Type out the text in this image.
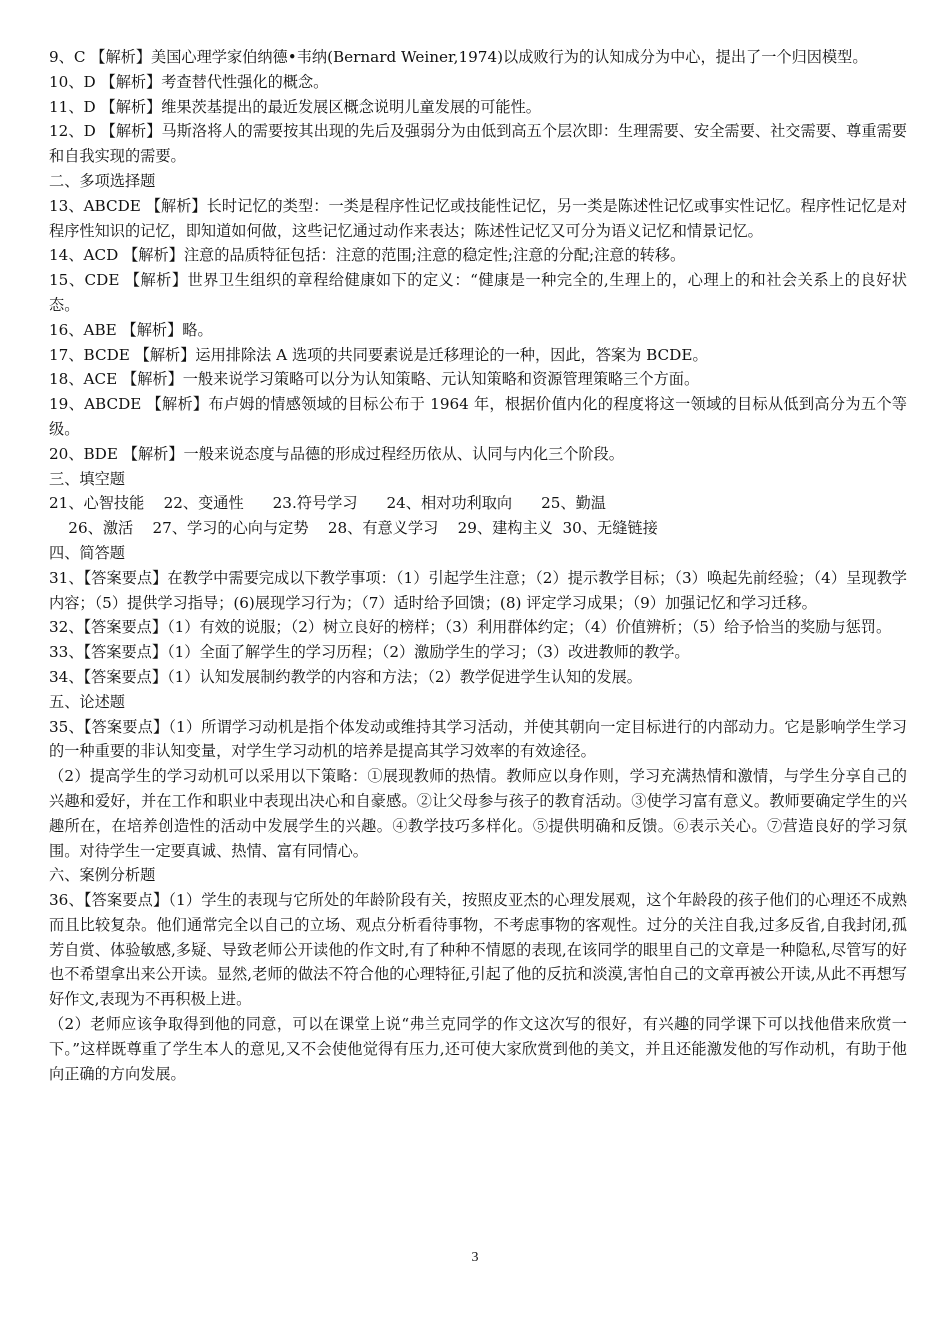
9、C 【解析】美国心理学家伯纳德•韦纳(Bernard Weiner,1974)以成败行为的认知成分为中心，提出了一个归因模型。

10、D 【解析】考查替代性强化的概念。

11、D 【解析】维果茨基提出的最近发展区概念说明儿童发展的可能性。

12、D 【解析】马斯洛将人的需要按其出现的先后及强弱分为由低到高五个层次即：生理需要、安全需要、社交需要、尊重需要和自我实现的需要。

二、多项选择题

13、ABCDE 【解析】长时记忆的类型：一类是程序性记忆或技能性记忆，另一类是陈述性记忆或事实性记忆。程序性记忆是对程序性知识的记忆，即知道如何做，这些记忆通过动作来表达；陈述性记忆又可分为语义记忆和情景记忆。

14、ACD 【解析】注意的品质特征包括：注意的范围;注意的稳定性;注意的分配;注意的转移。

15、CDE 【解析】世界卫生组织的章程给健康如下的定义：“健康是一种完全的,生理上的，心理上的和社会关系上的良好状态。

16、ABE 【解析】略。

17、BCDE 【解析】运用排除法 A 选项的共同要素说是迁移理论的一种，因此，答案为 BCDE。

18、ACE 【解析】一般来说学习策略可以分为认知策略、元认知策略和资源管理策略三个方面。

19、ABCDE 【解析】布卢姆的情感领域的目标公布于 1964 年，根据价值内化的程度将这一领域的目标从低到高分为五个等级。

20、BDE 【解析】一般来说态度与品德的形成过程经历依从、认同与内化三个阶段。

三、填空题

21、心智技能    22、变通性      23.符号学习      24、相对功利取向      25、勤温

26、激活    27、学习的心向与定势    28、有意义学习    29、建构主义  30、无缝链接

四、简答题

31、【答案要点】在教学中需要完成以下教学事项：（1）引起学生注意；（2）提示教学目标；（3）唤起先前经验；（4）呈现教学内容；（5）提供学习指导；(6)展现学习行为；（7）适时给予回馈；(8) 评定学习成果；（9）加强记忆和学习迁移。

32、【答案要点】（1）有效的说服；（2）树立良好的榜样；（3）利用群体约定；（4）价值辨析；（5）给予恰当的奖励与惩罚。

33、【答案要点】（1）全面了解学生的学习历程；（2）激励学生的学习；（3）改进教师的教学。

34、【答案要点】（1）认知发展制约教学的内容和方法；（2）教学促进学生认知的发展。

五、论述题

35、【答案要点】（1）所谓学习动机是指个体发动或维持其学习活动，并使其朝向一定目标进行的内部动力。它是影响学生学习的一种重要的非认知变量，对学生学习动机的培养是提高其学习效率的有效途径。

（2）提高学生的学习动机可以采用以下策略：①展现教师的热情。教师应以身作则，学习充满热情和激情，与学生分享自己的兴趣和爱好，并在工作和职业中表现出决心和自豪感。②让父母参与孩子的教育活动。③使学习富有意义。教师要确定学生的兴趣所在，在培养创造性的活动中发展学生的兴趣。④教学技巧多样化。⑤提供明确和反馈。⑥表示关心。⑦营造良好的学习氛围。对待学生一定要真诚、热情、富有同情心。

六、案例分析题

36、【答案要点】（1）学生的表现与它所处的年龄阶段有关，按照皮亚杰的心理发展观，这个年龄段的孩子他们的心理还不成熟而且比较复杂。他们通常完全以自己的立场、观点分析看待事物，不考虑事物的客观性。过分的关注自我,过多反省,自我封闭,孤芳自赏、体验敏感,多疑、导致老师公开读他的作文时,有了种种不情愿的表现,在该同学的眼里自己的文章是一种隐私,尽管写的好也不希望拿出来公开读。显然,老师的做法不符合他的心理特征,引起了他的反抗和淡漠,害怕自己的文章再被公开读,从此不再想写好作文,表现为不再积极上进。

（2）老师应该争取得到他的同意，可以在课堂上说“弗兰克同学的作文这次写的很好，有兴趣的同学课下可以找他借来欣赏一下。”这样既尊重了学生本人的意见,又不会使他觉得有压力,还可使大家欣赏到他的美文，并且还能激发他的写作动机，有助于他向正确的方向发展。

3
